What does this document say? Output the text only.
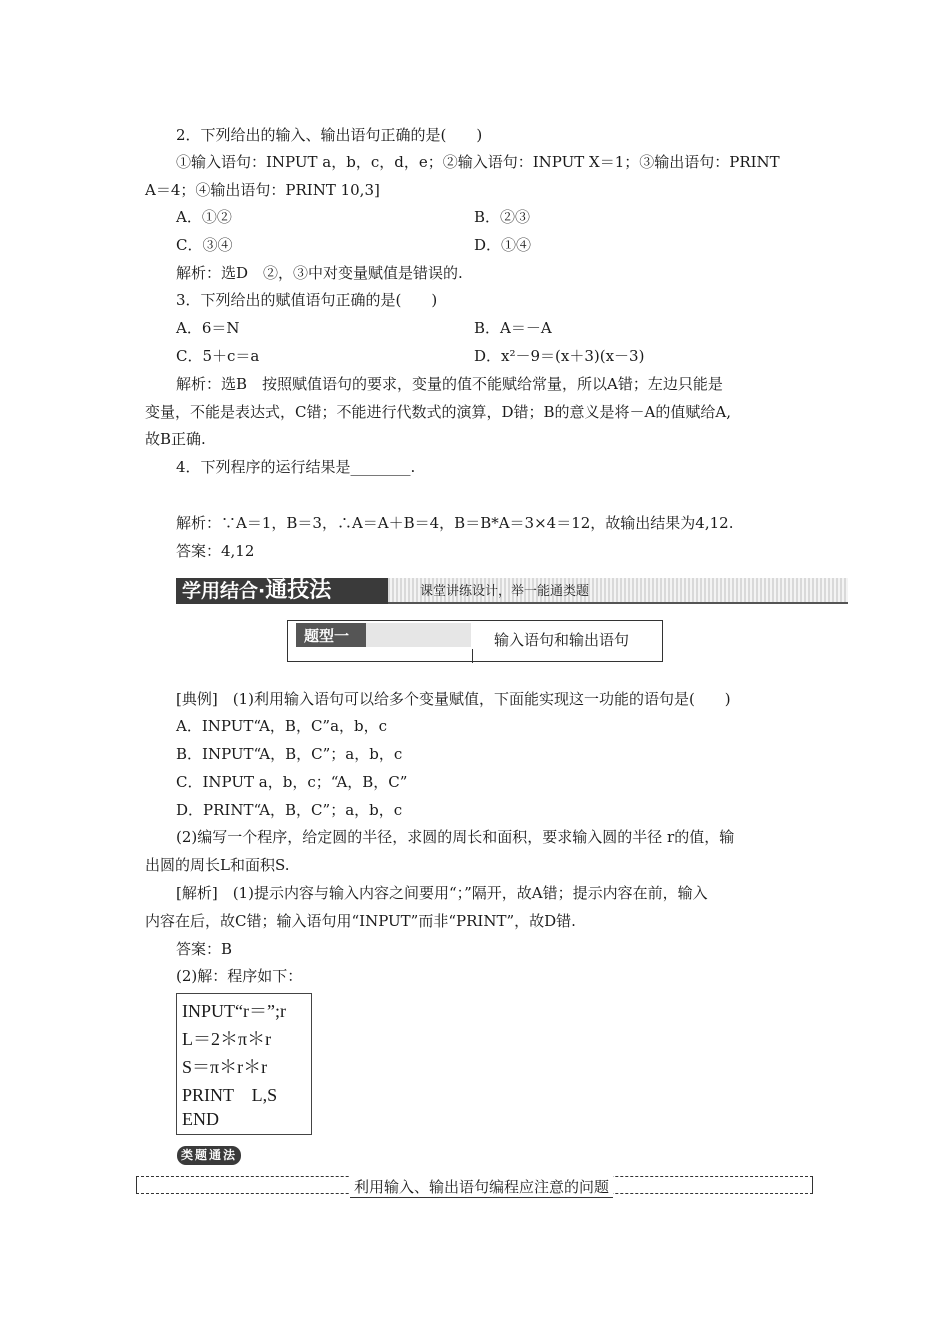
2．下列给出的输入、输出语句正确的是(　　)
①输入语句：INPUT a，b，c，d，e；②输入语句：INPUT X＝1；③输出语句：PRINT
A＝4；④输出语句：PRINT 10,3]
A．①②	B．②③
C．③④	D．①④
解析：选D　②，③中对变量赋值是错误的.
3．下列给出的赋值语句正确的是(　　)
A．6＝N	B．A＝－A
C．5＋c＝a	D．x²－9＝(x＋3)(x－3)
解析：选B　按照赋值语句的要求，变量的值不能赋给常量，所以A错；左边只能是
变量，不能是表达式，C错；不能进行代数式的演算，D错；B的意义是将－A的值赋给A,
故B正确.
4．下列程序的运行结果是________.
解析：∵A＝1，B＝3，∴A＝A＋B＝4，B＝B*A＝3×4＝12，故输出结果为4,12.
答案：4,12
学用结合·通技法	课堂讲练设计，举一能通类题
题型一	输入语句和输出语句
[典例]　(1)利用输入语句可以给多个变量赋值，下面能实现这一功能的语句是(　　)
A．INPUT“A，B，C”a，b，c
B．INPUT“A，B，C”；a，b，c
C．INPUT a，b，c；“A，B，C”
D．PRINT“A，B，C”；a，b，c
(2)编写一个程序，给定圆的半径，求圆的周长和面积，要求输入圆的半径 r的值，输
出圆的周长L和面积S.
[解析]　(1)提示内容与输入内容之间要用“；”隔开，故A错；提示内容在前，输入
内容在后，故C错；输入语句用“INPUT”而非“PRINT”，故D错.
答案：B
(2)解：程序如下：
INPUT“r＝”;r
L＝2＊π＊r
S＝π＊r＊r
PRINT　L,S
END
类题通法
利用输入、输出语句编程应注意的问题
